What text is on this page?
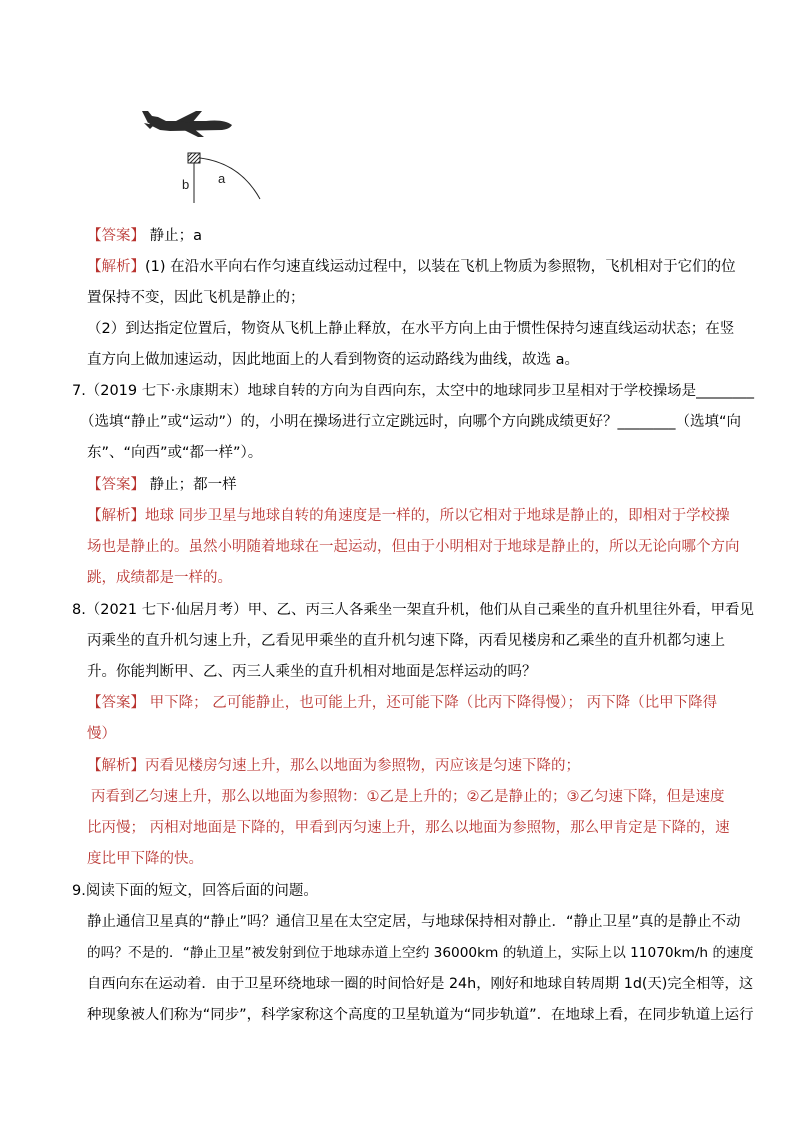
b a
【答案】 静止；a
【解析】(1) 在沿水平向右作匀速直线运动过程中，以装在飞机上物质为参照物，飞机相对于它们的位
置保持不变，因此飞机是静止的；
（2）到达指定位置后，物资从飞机上静止释放，在水平方向上由于惯性保持匀速直线运动状态；在竖
直方向上做加速运动，因此地面上的人看到物资的运动路线为曲线，故选 a。
7.（2019 七下·永康期末）地球自转的方向为自西向东，太空中的地球同步卫星相对于学校操场是________
（选填“静止”或“运动”）的，小明在操场进行立定跳远时，向哪个方向跳成绩更好？________（选填“向
东”、“向西”或“都一样”）。
【答案】 静止；都一样
【解析】地球 同步卫星与地球自转的角速度是一样的，所以它相对于地球是静止的，即相对于学校操
场也是静止的。虽然小明随着地球在一起运动，但由于小明相对于地球是静止的，所以无论向哪个方向
跳，成绩都是一样的。
8.（2021 七下·仙居月考）甲、乙、丙三人各乘坐一架直升机，他们从自己乘坐的直升机里往外看，甲看见
丙乘坐的直升机匀速上升，乙看见甲乘坐的直升机匀速下降，丙看见楼房和乙乘坐的直升机都匀速上
升。你能判断甲、乙、丙三人乘坐的直升机相对地面是怎样运动的吗？
【答案】 甲下降； 乙可能静止，也可能上升，还可能下降（比丙下降得慢）； 丙下降（比甲下降得
慢）
【解析】丙看见楼房匀速上升，那么以地面为参照物，丙应该是匀速下降的；
丙看到乙匀速上升，那么以地面为参照物：①乙是上升的；②乙是静止的；③乙匀速下降，但是速度
比丙慢； 丙相对地面是下降的，甲看到丙匀速上升，那么以地面为参照物，那么甲肯定是下降的，速
度比甲下降的快。
9.阅读下面的短文，回答后面的问题。
静止通信卫星真的“静止”吗？通信卫星在太空定居，与地球保持相对静止．“静止卫星”真的是静止不动
的吗？不是的．“静止卫星”被发射到位于地球赤道上空约 36000km 的轨道上，实际上以 11070km/h 的速度
自西向东在运动着．由于卫星环绕地球一圈的时间恰好是 24h，刚好和地球自转周期 1d(天)完全相等，这
种现象被人们称为“同步”，科学家称这个高度的卫星轨道为“同步轨道”．在地球上看，在同步轨道上运行
